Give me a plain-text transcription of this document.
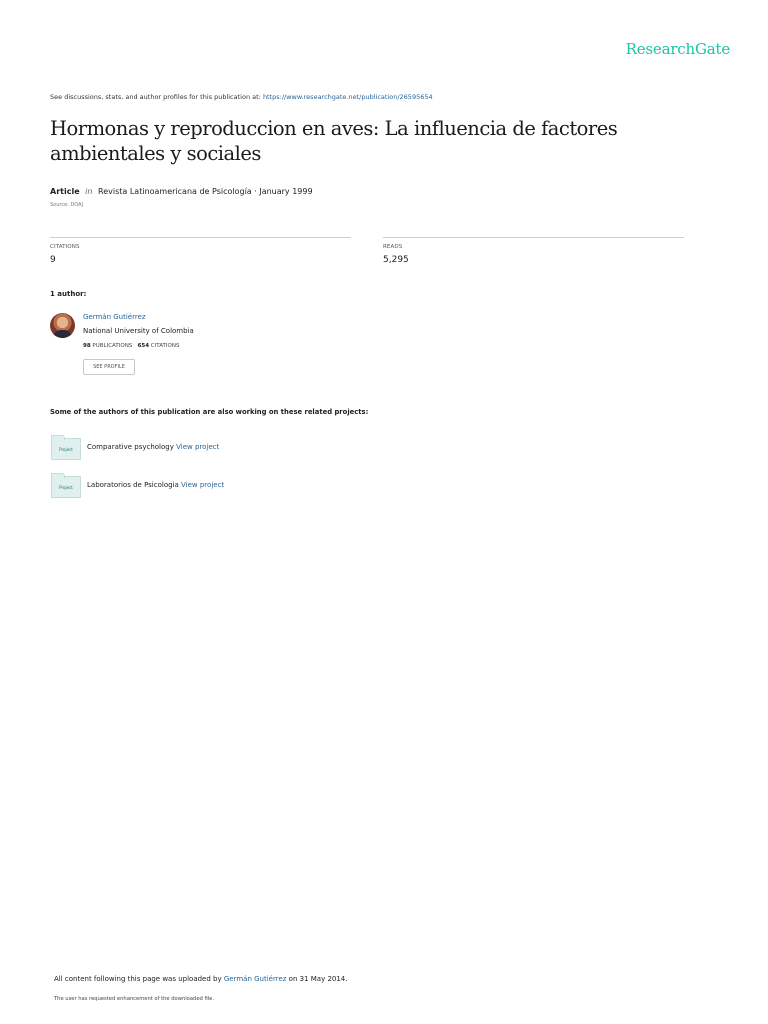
ResearchGate
See discussions, stats, and author profiles for this publication at: https://www.researchgate.net/publication/26595654
Hormonas y reproduccion en aves: La influencia de factores ambientales y sociales
Article in Revista Latinoamericana de Psicología · January 1999
Source: DOAJ
CITATIONS
9
READS
5,295
1 author:
Germán Gutiérrez
National University of Colombia
98 PUBLICATIONS 654 CITATIONS
SEE PROFILE
Some of the authors of this publication are also working on these related projects:
Project Comparative psychology View project
Project Laboratorios de Psicologia View project
All content following this page was uploaded by Germán Gutiérrez on 31 May 2014.
The user has requested enhancement of the downloaded file.
